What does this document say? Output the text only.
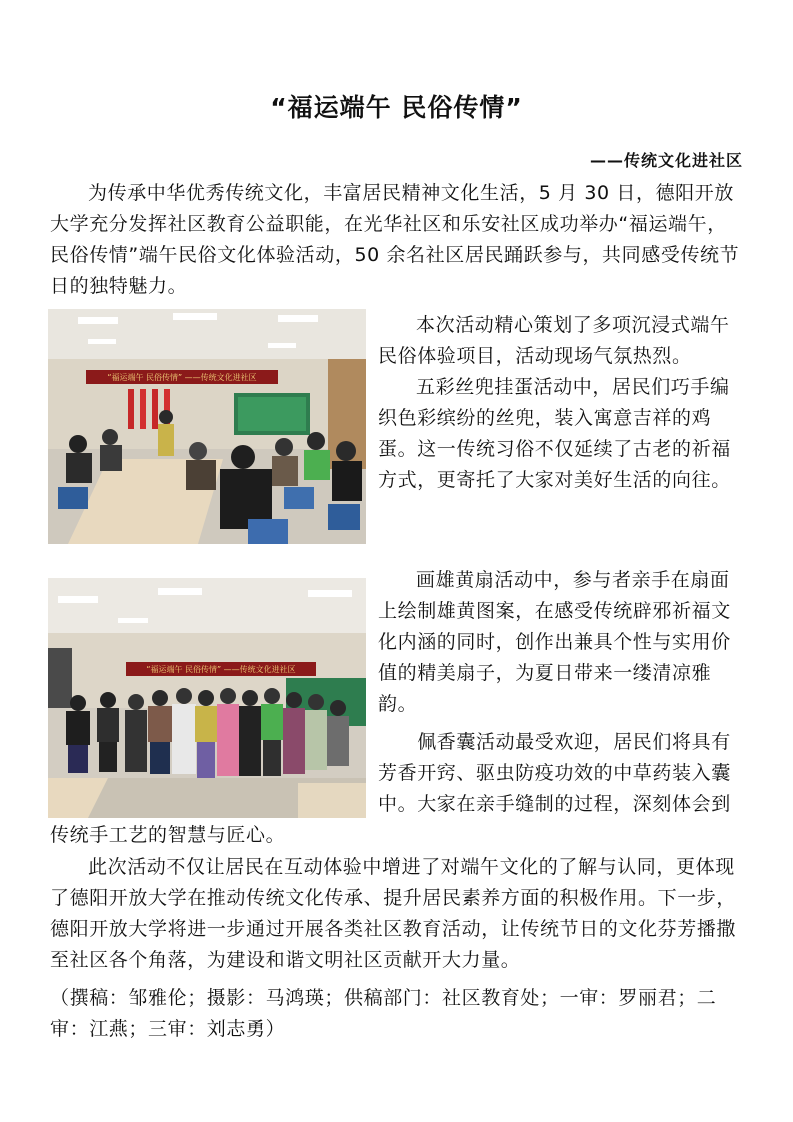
“福运端午 民俗传情”
——传统文化进社区

为传承中华优秀传统文化，丰富居民精神文化生活，5 月 30 日，德阳开放大学充分发挥社区教育公益职能，在光华社区和乐安社区成功举办“福运端午，民俗传情”端午民俗文化体验活动，50 余名社区居民踊跃参与，共同感受传统节日的独特魅力。

“福运端午 民俗传情” ——传统文化进社区

本次活动精心策划了多项沉浸式端午民俗体验项目，活动现场气氛热烈。

五彩丝兜挂蛋活动中，居民们巧手编织色彩缤纷的丝兜，装入寓意吉祥的鸡蛋。这一传统习俗不仅延续了古老的祈福方式，更寄托了大家对美好生活的向往。

“福运端午 民俗传情” ——传统文化进社区

画雄黄扇活动中，参与者亲手在扇面上绘制雄黄图案，在感受传统辟邪祈福文化内涵的同时，创作出兼具个性与实用价值的精美扇子，为夏日带来一缕清凉雅韵。

　　佩香囊活动最受欢迎，居民们将具有芳香开窍、驱虫防疫功效的中草药装入囊中。大家在亲手缝制的过程，深刻体会到传统手工艺的智慧与匠心。

此次活动不仅让居民在互动体验中增进了对端午文化的了解与认同，更体现了德阳开放大学在推动传统文化传承、提升居民素养方面的积极作用。下一步，德阳开放大学将进一步通过开展各类社区教育活动，让传统节日的文化芬芳播撒至社区各个角落，为建设和谐文明社区贡献开大力量。

（撰稿：邹雅伦；摄影：马鸿瑛；供稿部门：社区教育处；一审：罗丽君；二审：江燕；三审：刘志勇）
